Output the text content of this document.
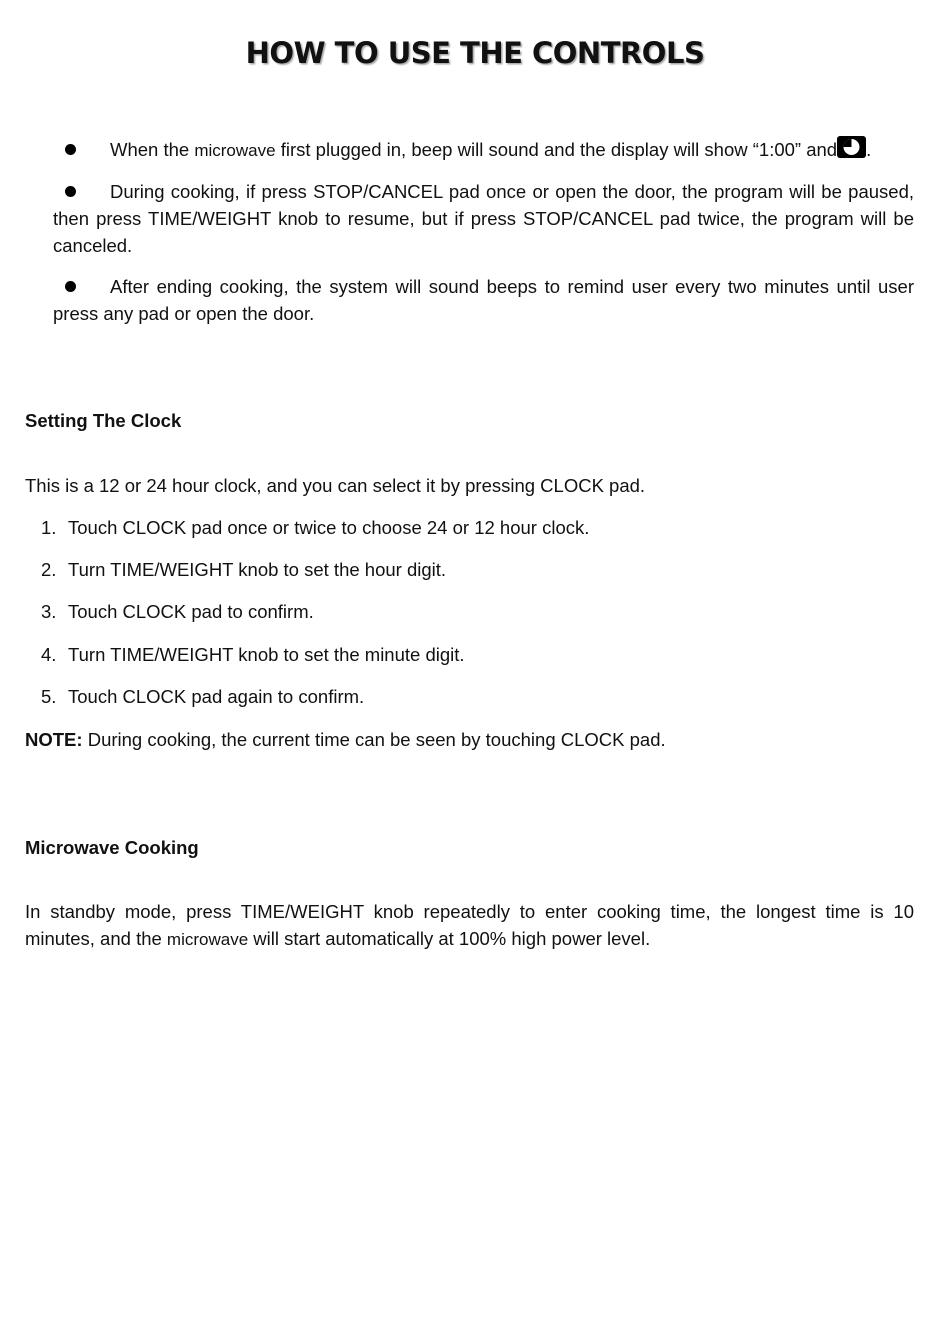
HOW TO USE THE CONTROLS
When the microwave first plugged in, beep will sound and the display will show “1:00” and .
During cooking, if press STOP/CANCEL pad once or open the door, the program will be paused, then press TIME/WEIGHT knob to resume, but if press STOP/CANCEL pad twice, the program will be canceled.
After ending cooking, the system will sound beeps to remind user every two minutes until user press any pad or open the door.
Setting The Clock
This is a 12 or 24 hour clock, and you can select it by pressing CLOCK pad.
1. Touch CLOCK pad once or twice to choose 24 or 12 hour clock.
2. Turn TIME/WEIGHT knob to set the hour digit.
3. Touch CLOCK pad to confirm.
4. Turn TIME/WEIGHT knob to set the minute digit.
5. Touch CLOCK pad again to confirm.
NOTE: During cooking, the current time can be seen by touching CLOCK pad.
Microwave Cooking
In standby mode, press TIME/WEIGHT knob repeatedly to enter cooking time, the longest time is 10 minutes, and the microwave will start automatically at 100% high power level.
